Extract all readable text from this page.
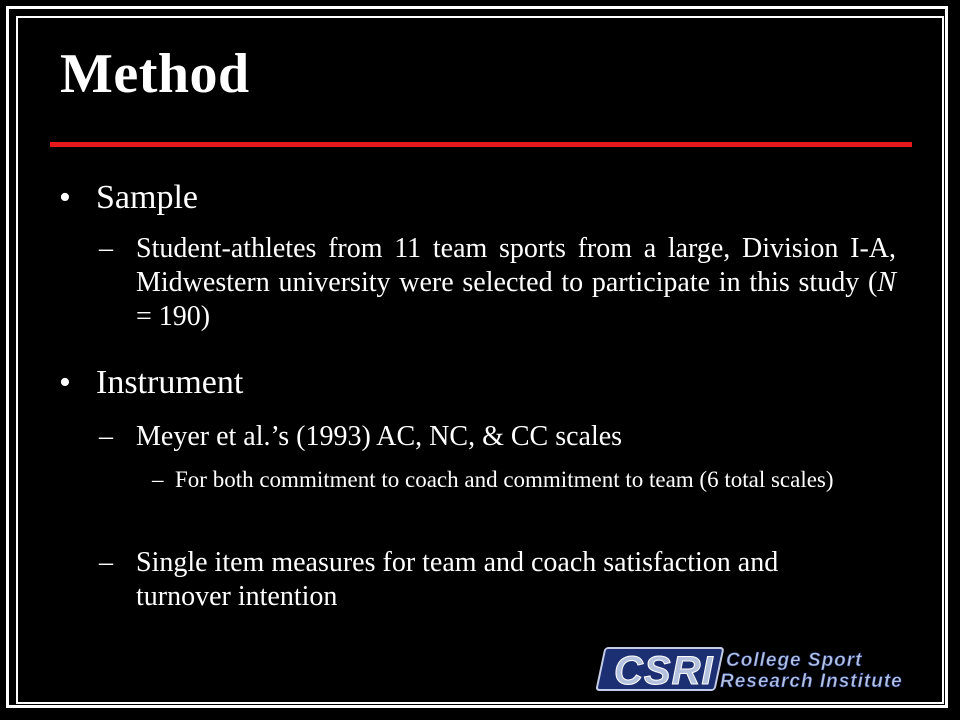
Method
• Sample
– Student-athletes from 11 team sports from a large, Division I-A, Midwestern university were selected to participate in this study (N = 190)
• Instrument
– Meyer et al.’s (1993) AC, NC, & CC scales
– For both commitment to coach and commitment to team (6 total scales)
– Single item measures for team and coach satisfaction and turnover intention
CSRI College Sport
Research Institute
